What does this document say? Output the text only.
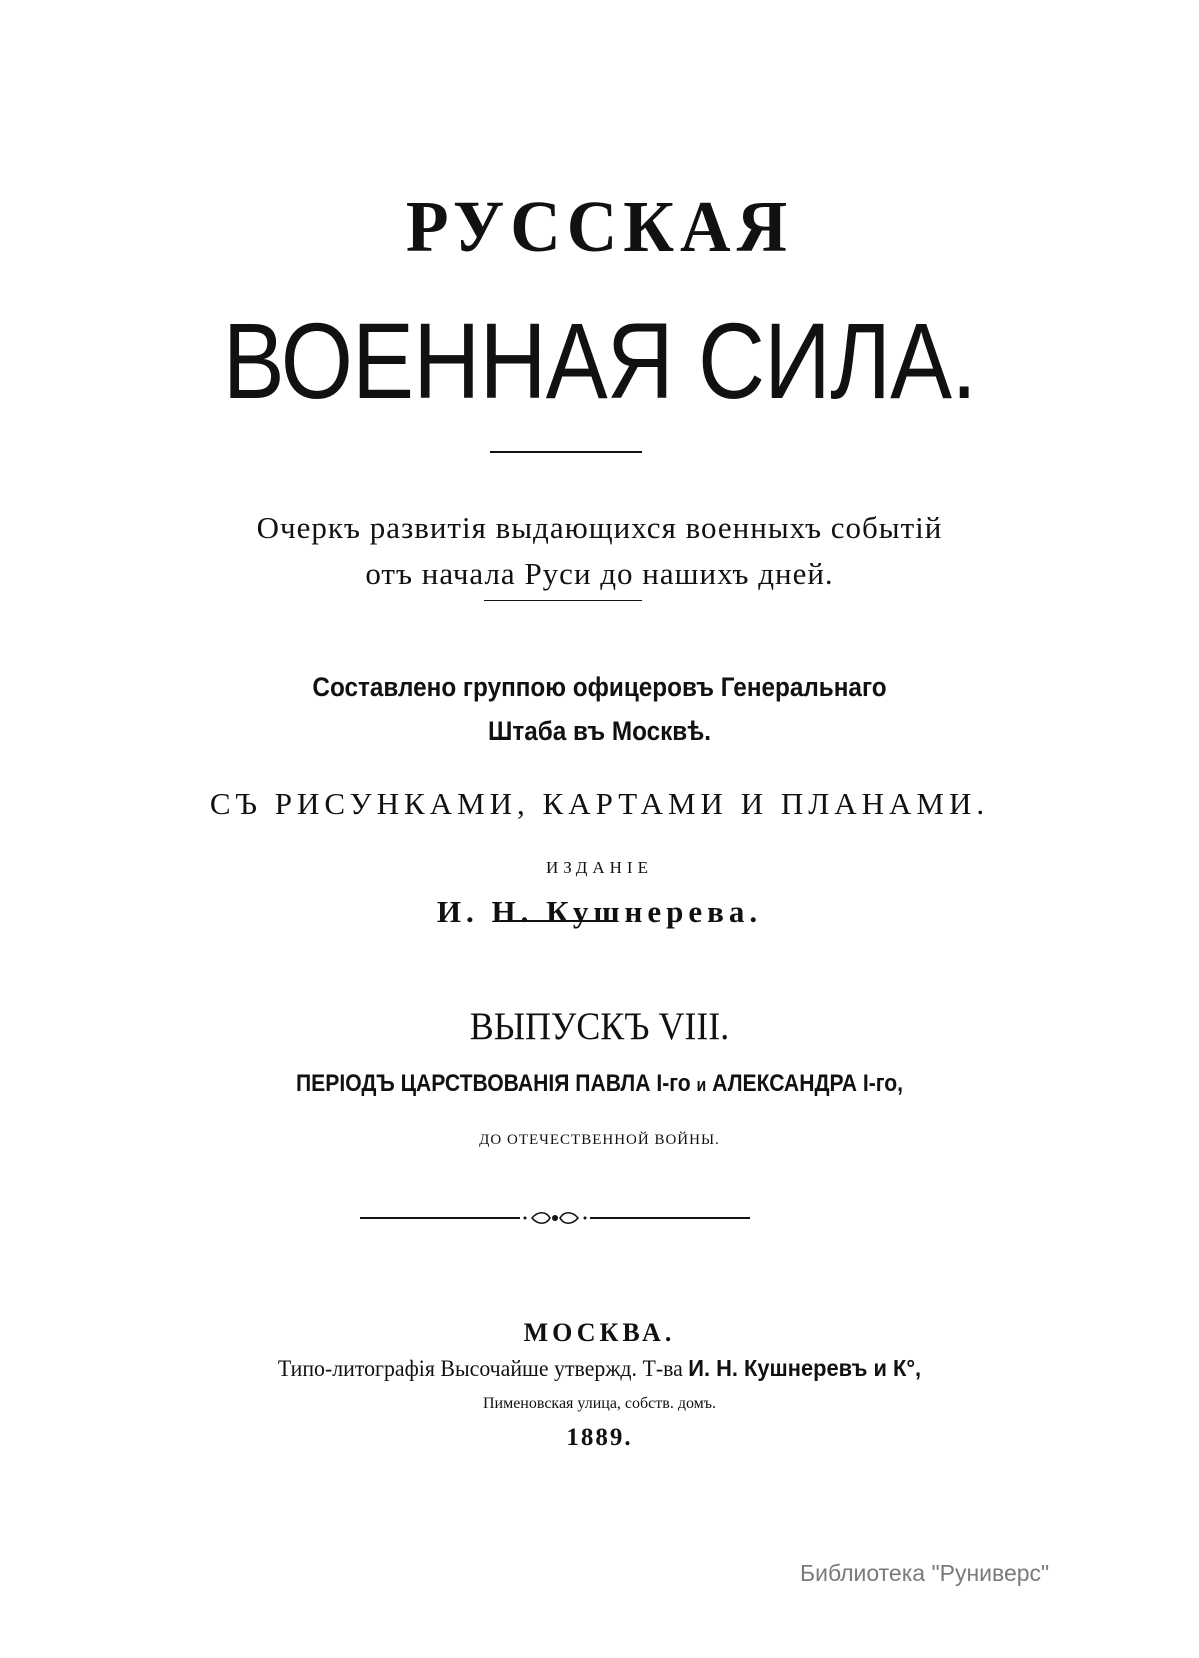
РУССКАЯ
ВОЕННАЯ СИЛА.
Очеркъ развитія выдающихся военныхъ событій
отъ начала Руси до нашихъ дней.
Составлено группою офицеровъ Генеральнаго
Штаба въ Москвѣ.
СЪ РИСУНКАМИ, КАРТАМИ И ПЛАНАМИ.
ИЗДАНІЕ
И. Н. Кушнерева.
ВЫПУСКЪ VIII.
ПЕРІОДЪ ЦАРСТВОВАНІЯ ПАВЛА І-го и АЛЕКСАНДРА І-го,
ДО ОТЕЧЕСТВЕННОЙ ВОЙНЫ.
МОСКВА.
Типо-литографія Высочайше утвержд. Т-ва И. Н. Кушнеревъ и К°,
Пименовская улица, собств. домъ.
1889.
Библиотека "Руниверс"
